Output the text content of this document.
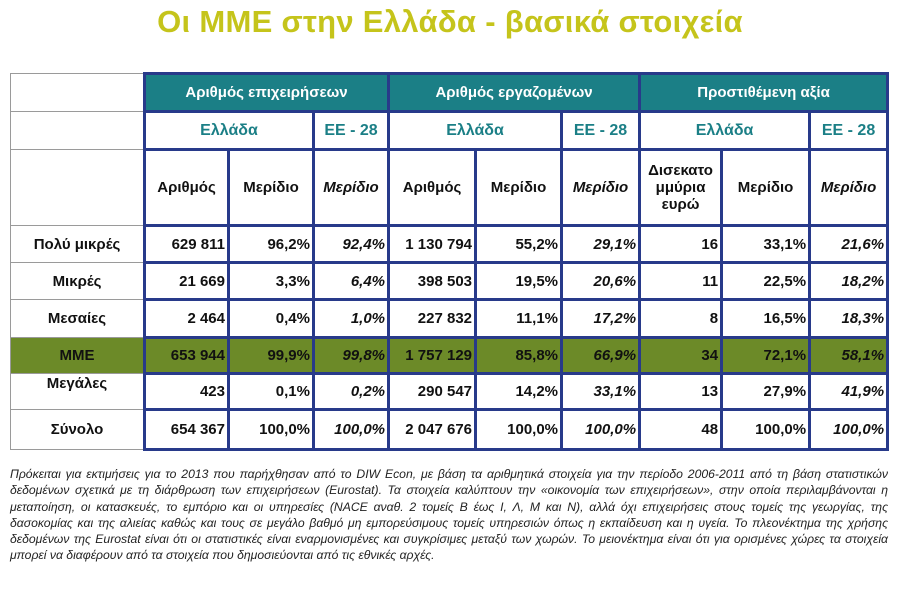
Οι ΜΜΕ στην Ελλάδα - βασικά στοιχεία
	Αριθμός επιχειρήσεων			Αριθμός εργαζομένων			Προστιθέμενη αξία		
	Ελλάδα		ΕΕ - 28	Ελλάδα		ΕΕ - 28	Ελλάδα		ΕΕ - 28
	Αριθμός	Μερίδιο	Μερίδιο	Αριθμός	Μερίδιο	Μερίδιο	Δισεκατο μμύρια ευρώ	Μερίδιο	Μερίδιο
Πολύ μικρές	629 811	96,2%	92,4%	1 130 794	55,2%	29,1%	16	33,1%	21,6%
Μικρές	21 669	3,3%	6,4%	398 503	19,5%	20,6%	11	22,5%	18,2%
Μεσαίες	2 464	0,4%	1,0%	227 832	11,1%	17,2%	8	16,5%	18,3%
ΜΜΕ	653 944	99,9%	99,8%	1 757 129	85,8%	66,9%	34	72,1%	58,1%
Μεγάλες	423	0,1%	0,2%	290 547	14,2%	33,1%	13	27,9%	41,9%
Σύνολο	654 367	100,0%	100,0%	2 047 676	100,0%	100,0%	48	100,0%	100,0%
Πρόκειται για εκτιμήσεις για το 2013 που παρήχθησαν από το DIW Econ, με βάση τα αριθμητικά στοιχεία για την περίοδο 2006-2011 από τη βάση στατιστικών δεδομένων σχετικά με τη διάρθρωση των επιχειρήσεων (Eurostat). Τα στοιχεία καλύπτουν την «οικονομία των επιχειρήσεων», στην οποία περιλαμβάνονται η μεταποίηση, οι κατασκευές, το εμπόριο και οι υπηρεσίες (NACE αναθ. 2 τομείς Β έως Ι, Λ, Μ και Ν), αλλά όχι επιχειρήσεις στους τομείς της γεωργίας, της δασοκομίας και της αλιείας καθώς και τους σε μεγάλο βαθμό μη εμπορεύσιμους τομείς υπηρεσιών όπως η εκπαίδευση και η υγεία. Το πλεονέκτημα της χρήσης δεδομένων της Eurostat είναι ότι οι στατιστικές είναι εναρμονισμένες και συγκρίσιμες μεταξύ των χωρών. Το μειονέκτημα είναι ότι για ορισμένες χώρες τα στοιχεία μπορεί να διαφέρουν από τα στοιχεία που δημοσιεύονται από τις εθνικές αρχές.
